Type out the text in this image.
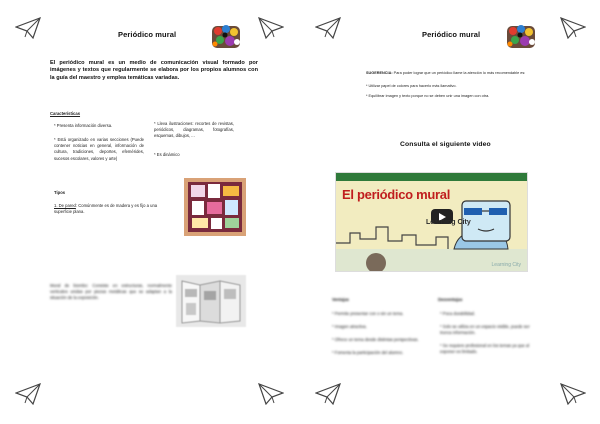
Periódico mural
El periódico mural es un medio de comunicación visual formado por imágenes y textos que regularmente se elabora por los propios alumnos con la guía del maestro y emplea temáticas variadas.
Características
* Presenta información diversa.
* Está organizado en varias secciones (Puede contener noticias en general, información de cultura, tradiciones, deportes, efemérides, sucesos escolares, valores y arte)
* Lleva ilustraciones: recortes de revistas, periódicos, diagramas, fotografías, esquemas, dibujos, ...
* Es dinámico
Tipos
1. De pared: Comúnmente es de madera y es fijo a una superficie plana.
Mural de biombo: Consiste en estructuras, normalmente verticales unidas por piezas metálicas que se adaptan a la situación de la exposición.
Periódico mural
SUGERENCIA: Para poder lograr que un periódico llame la atención lo más recomendable es:
* Utilizar papel de colores para hacerlo más llamativo.
* Equilibrar imagen y texto porque no se deben unir una imagen con otra.
Consulta el siguiente video
El periódico mural
Learning City
Learning City
Ventajas
* Permite presentar con o sin un tema.
* Imagen atractiva.
* Ofrece un tema desde distintas perspectivas.
* Fomenta la participación del alumno.
Desventajas
* Poca durabilidad.
* Solo se utiliza en un espacio visible, puede ser trunca información.
* Se requiere profesional en los temas ya que al exponer es limitado.
